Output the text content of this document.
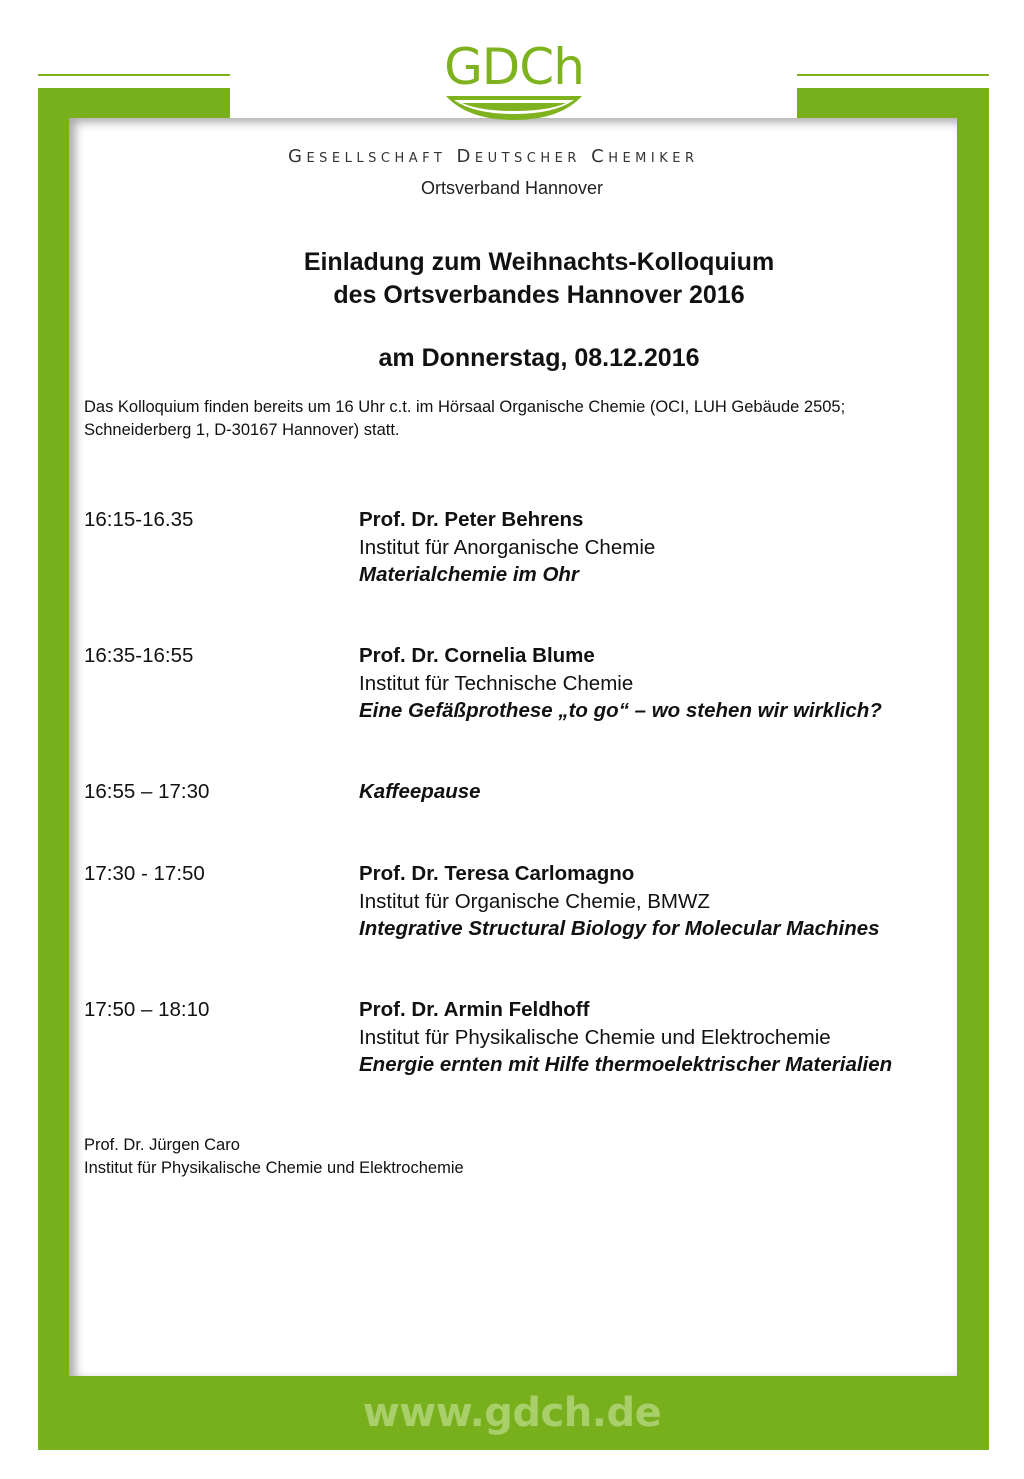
GDCh
Gesellschaft Deutscher Chemiker
Ortsverband Hannover
Einladung zum Weihnachts-Kolloquium
des Ortsverbandes Hannover 2016
am Donnerstag, 08.12.2016
Das Kolloquium finden bereits um 16 Uhr c.t. im Hörsaal Organische Chemie (OCI, LUH Gebäude 2505;
Schneiderberg 1, D-30167 Hannover) statt.
16:15-16.35	Prof. Dr. Peter Behrens
Institut für Anorganische Chemie
Materialchemie im Ohr
16:35-16:55	Prof. Dr. Cornelia Blume
Institut für Technische Chemie
Eine Gefäßprothese „to go“ – wo stehen wir wirklich?
16:55 – 17:30	Kaffeepause
17:30 - 17:50	Prof. Dr. Teresa Carlomagno
Institut für Organische Chemie, BMWZ
Integrative Structural Biology for Molecular Machines
17:50 – 18:10	Prof. Dr. Armin Feldhoff
Institut für Physikalische Chemie und Elektrochemie
Energie ernten mit Hilfe thermoelektrischer Materialien
Prof. Dr. Jürgen Caro
Institut für Physikalische Chemie und Elektrochemie
www.gdch.de
